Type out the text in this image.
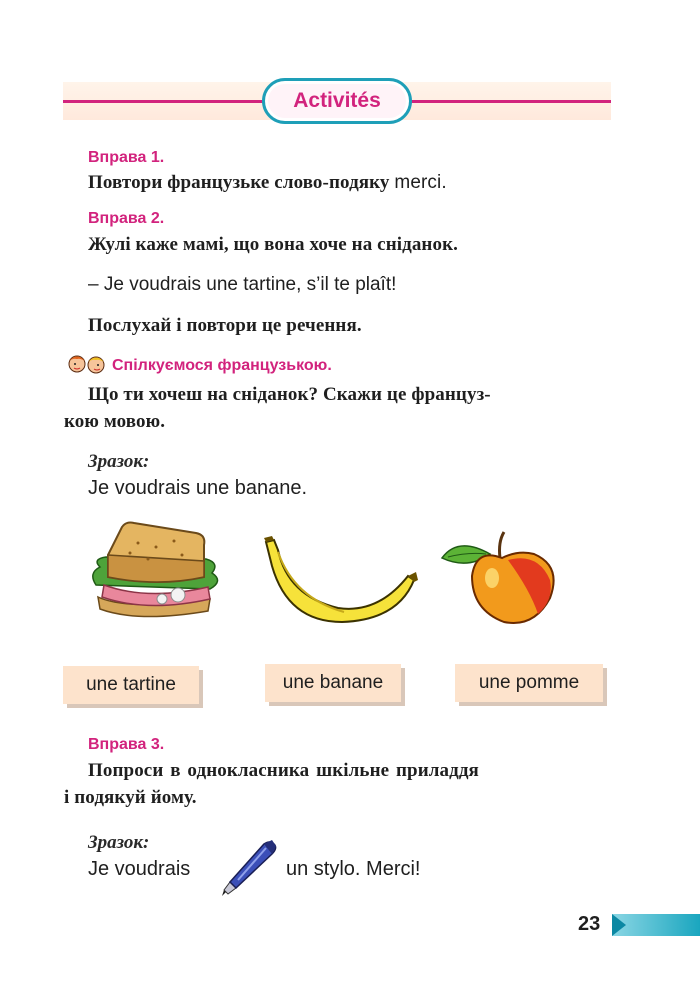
Activités
Вправа 1.
Повтори французьке слово-подяку merci.
Вправа 2.
Жулі каже мамі, що вона хоче на сніданок.
– Je voudrais une tartine, s’il te plaît!
Послухай і повтори це речення.
Спілкуємося французькою.
Що ти хочеш на сніданок? Скажи це француз-
кою мовою.
Зразок:
Je voudrais une banane.
une tartine	une banane	une pomme
Вправа 3.
Попроси в однокласника шкільне приладдя
і подякуй йому.
Зразок:
Je voudrais	un stylo. Merci!
23
